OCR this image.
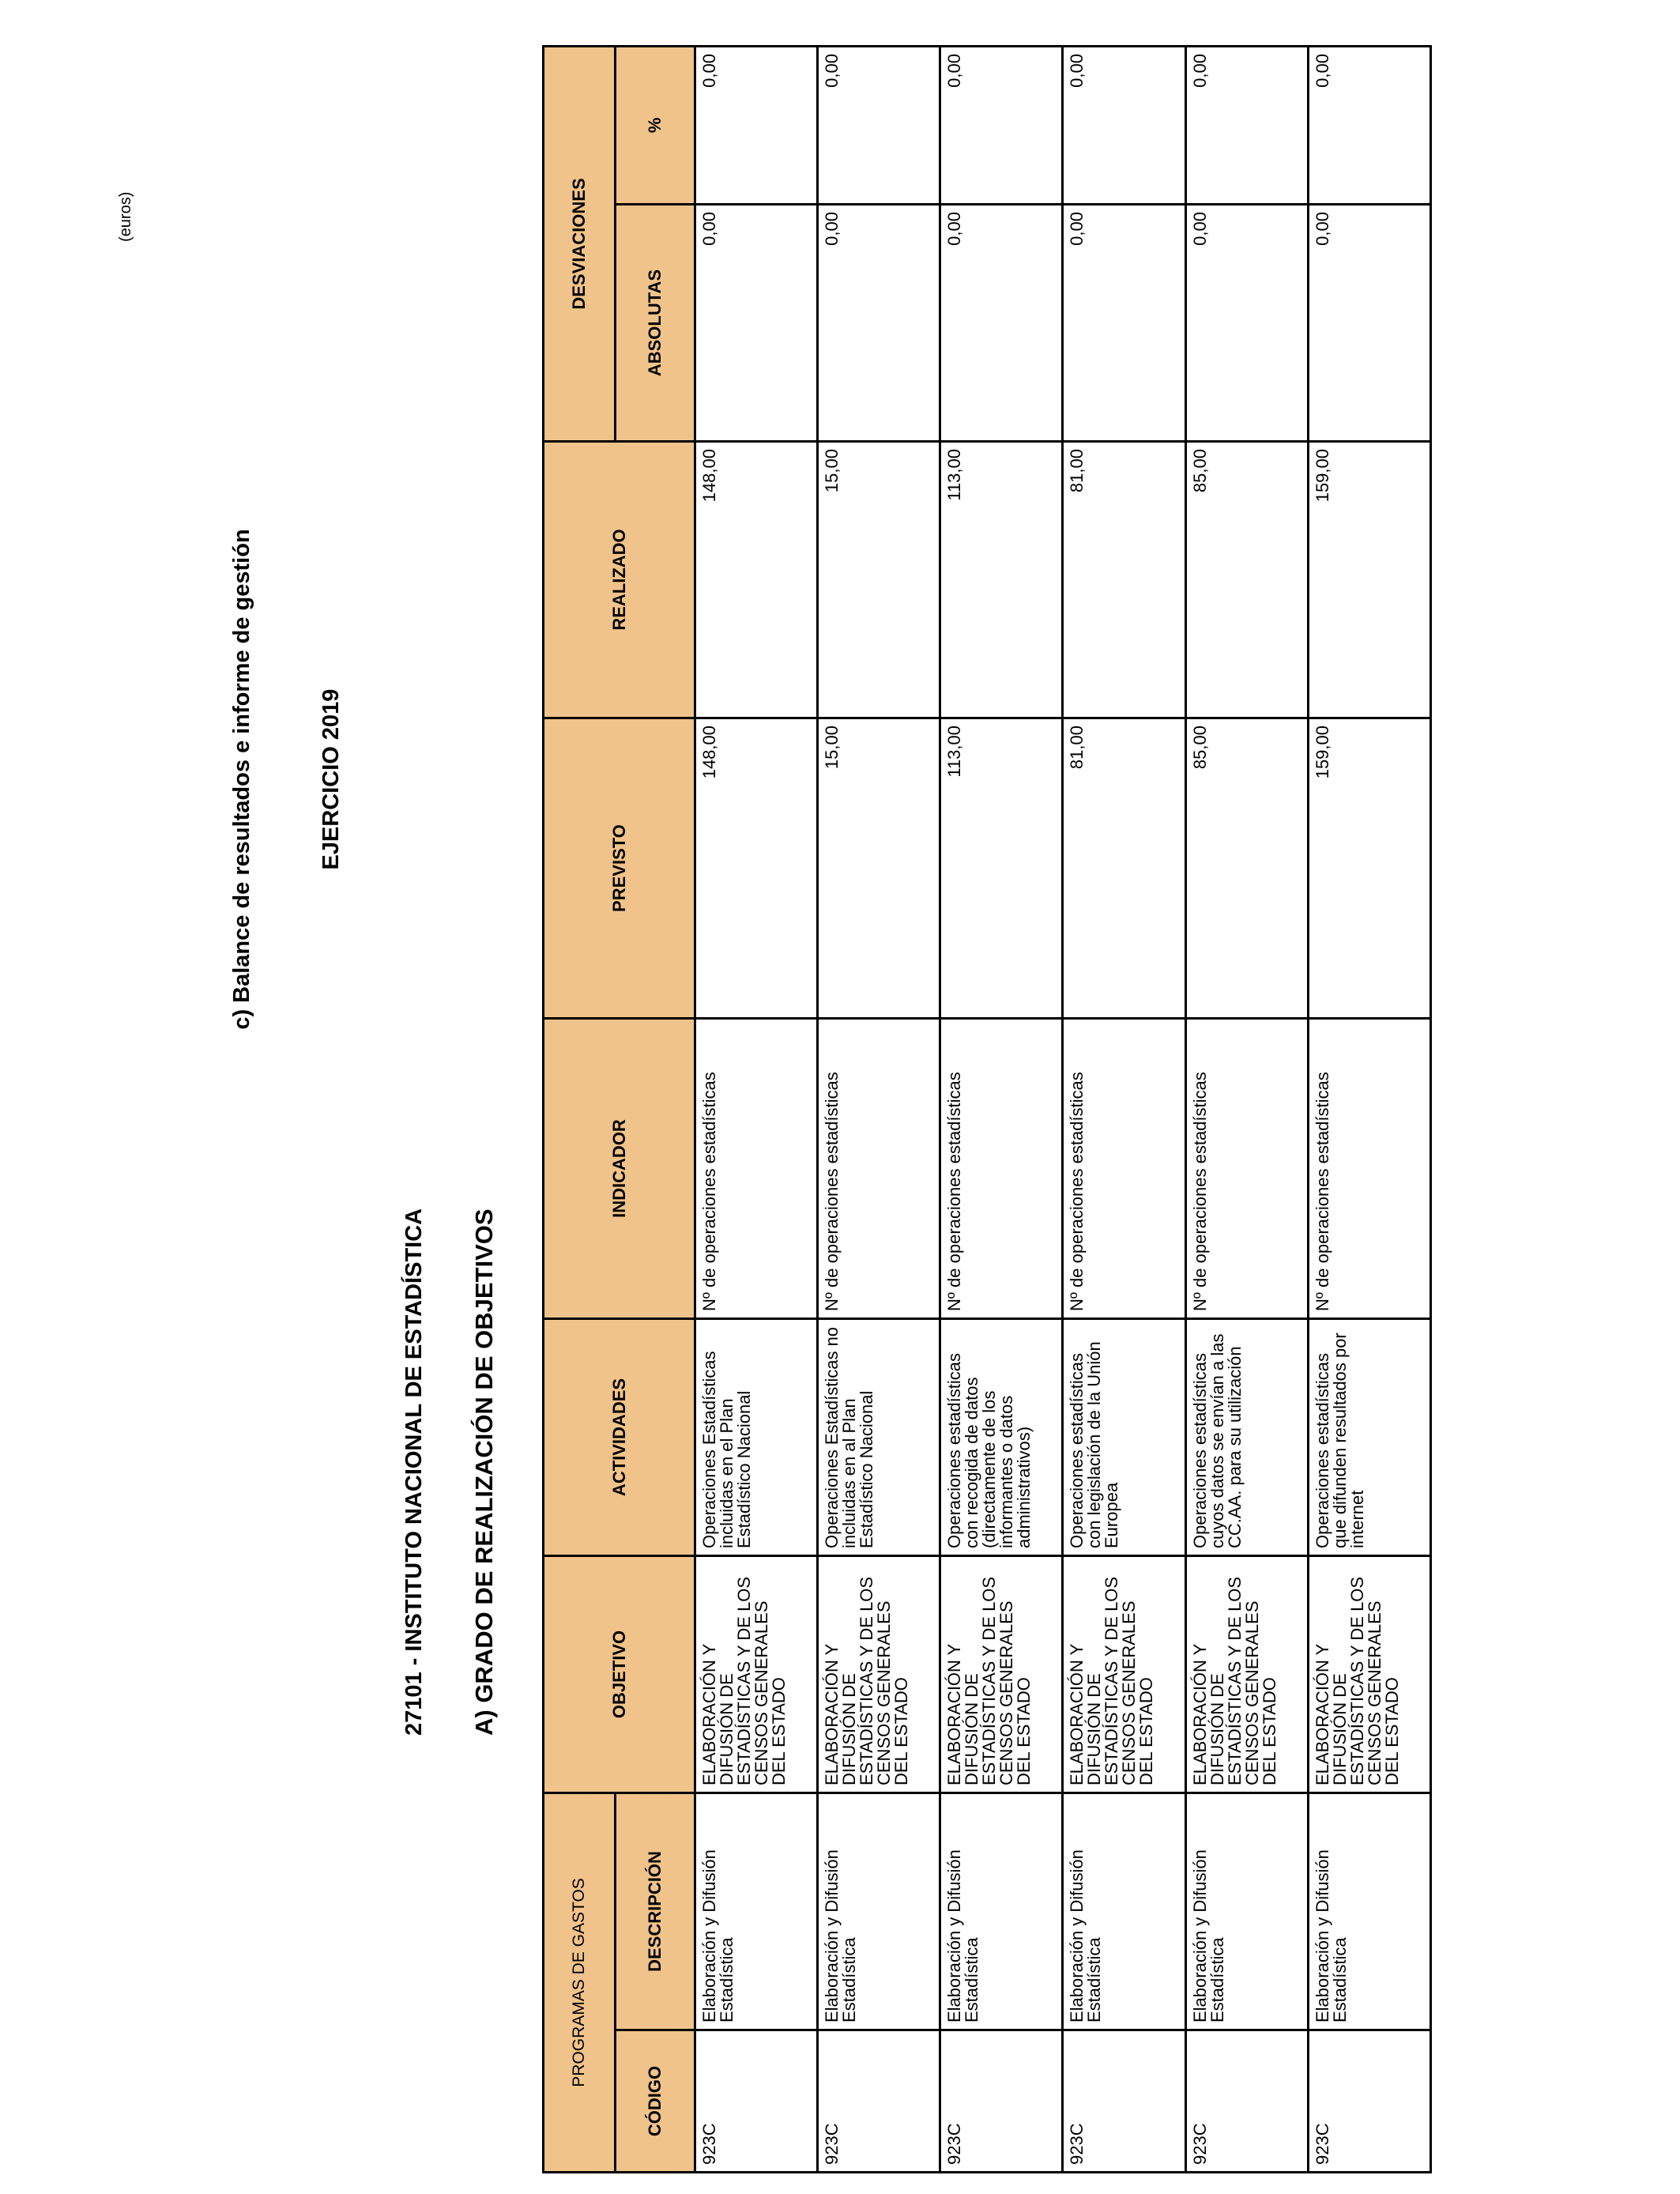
c) Balance de resultados e informe de gestión	EJERCICIO 2019
27101 - INSTITUTO NACIONAL DE ESTADÍSTICA A) GRADO DE REALIZACIÓN DE OBJETIVOS
(euros)
PROGRAMAS DE GASTOS		OBJETIVO	ACTIVIDADES	INDICADOR	PREVISTO	REALIZADO	DESVIACIONES	
CÓDIGO	DESCRIPCIÓN						ABSOLUTAS	%
923C	Elaboración y Difusión Estadística	ELABORACIÓN Y DIFUSIÓN DE ESTADÍSTICAS Y DE LOS CENSOS GENERALES DEL ESTADO	Operaciones Estadísticas incluidas en el Plan Estadístico Nacional	Nº de operaciones estadísticas	148,00	148,00	0,00	0,00
923C	Elaboración y Difusión Estadística	ELABORACIÓN Y DIFUSIÓN DE ESTADÍSTICAS Y DE LOS CENSOS GENERALES DEL ESTADO	Operaciones Estadísticas no incluidas en al Plan Estadístico Nacional	Nº de operaciones estadísticas	15,00	15,00	0,00	0,00
923C	Elaboración y Difusión Estadística	ELABORACIÓN Y DIFUSIÓN DE ESTADÍSTICAS Y DE LOS CENSOS GENERALES DEL ESTADO	Operaciones estadísticas con recogida de datos (directamente de los informantes o datos administrativos)	Nº de operaciones estadísticas	113,00	113,00	0,00	0,00
923C	Elaboración y Difusión Estadística	ELABORACIÓN Y DIFUSIÓN DE ESTADÍSTICAS Y DE LOS CENSOS GENERALES DEL ESTADO	Operaciones estadísticas con legislación de la Unión Europea	Nº de operaciones estadísticas	81,00	81,00	0,00	0,00
923C	Elaboración y Difusión Estadística	ELABORACIÓN Y DIFUSIÓN DE ESTADÍSTICAS Y DE LOS CENSOS GENERALES DEL ESTADO	Operaciones estadísticas cuyos datos se envían a las CC.AA. para su utilización	Nº de operaciones estadísticas	85,00	85,00	0,00	0,00
923C	Elaboración y Difusión Estadística	ELABORACIÓN Y DIFUSIÓN DE ESTADÍSTICAS Y DE LOS CENSOS GENERALES DEL ESTADO	Operaciones estadísticas que difunden resultados por internet	Nº de operaciones estadísticas	159,00	159,00	0,00	0,00
